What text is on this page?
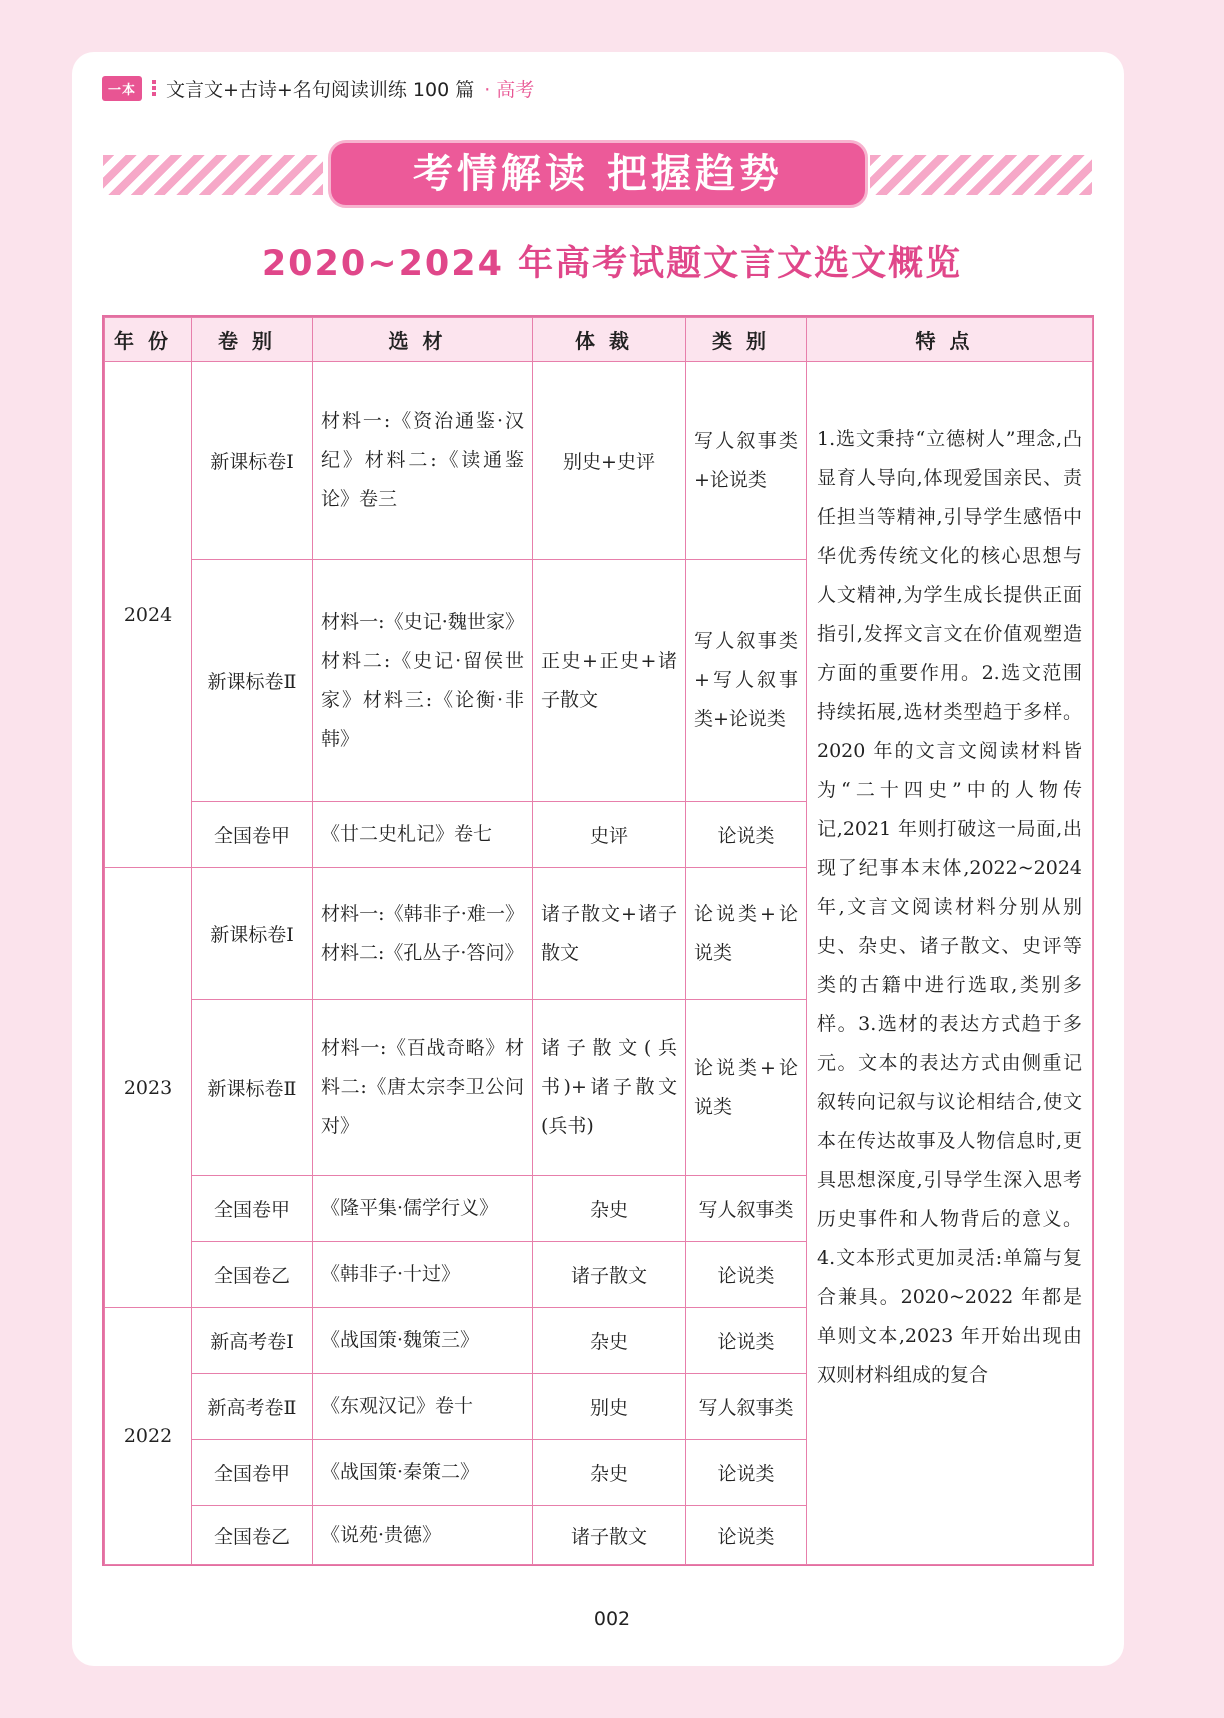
一本	文言文+古诗+名句阅读训练 100 篇 · 高考
考情解读 把握趋势
2020~2024 年高考试题文言文选文概览
年份	卷别	选材	体裁	类别	特点
2024	新课标卷Ⅰ	材料一:《资治通鉴·汉纪》材料二:《读通鉴论》卷三	别史+史评	写人叙事类+论说类	1.选文秉持“立德树人”理念,凸显育人导向,体现爱国亲民、责任担当等精神,引导学生感悟中华优秀传统文化的核心思想与人文精神,为学生成长提供正面指引,发挥文言文在价值观塑造方面的重要作用。2.选文范围持续拓展,选材类型趋于多样。2020 年的文言文阅读材料皆为“二十四史”中的人物传记,2021 年则打破这一局面,出现了纪事本末体,2022~2024 年,文言文阅读材料分别从别史、杂史、诸子散文、史评等类的古籍中进行选取,类别多样。3.选材的表达方式趋于多元。文本的表达方式由侧重记叙转向记叙与议论相结合,使文本在传达故事及人物信息时,更具思想深度,引导学生深入思考历史事件和人物背后的意义。4.文本形式更加灵活:单篇与复合兼具。2020~2022 年都是单则文本,2023 年开始出现由双则材料组成的复合
	新课标卷Ⅱ	材料一:《史记·魏世家》材料二:《史记·留侯世家》材料三:《论衡·非韩》	正史+正史+诸子散文	写人叙事类+写人叙事类+论说类	
	全国卷甲	《廿二史札记》卷七	史评	论说类	
2023	新课标卷Ⅰ	材料一:《韩非子·难一》材料二:《孔丛子·答问》	诸子散文+诸子散文	论说类+论说类	
	新课标卷Ⅱ	材料一:《百战奇略》材料二:《唐太宗李卫公问对》	诸子散文(兵书)+诸子散文(兵书)	论说类+论说类	
	全国卷甲	《隆平集·儒学行义》	杂史	写人叙事类	
	全国卷乙	《韩非子·十过》	诸子散文	论说类	
2022	新高考卷Ⅰ	《战国策·魏策三》	杂史	论说类	
	新高考卷Ⅱ	《东观汉记》卷十	别史	写人叙事类	
	全国卷甲	《战国策·秦策二》	杂史	论说类	
	全国卷乙	《说苑·贵德》	诸子散文	论说类	
002
